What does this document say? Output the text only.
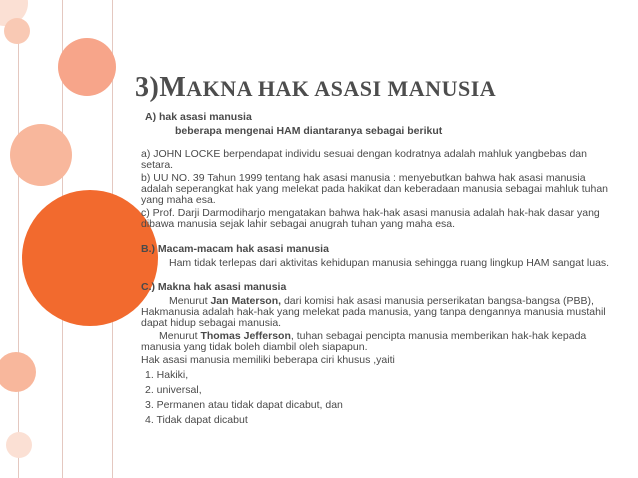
3)MAKNA HAK ASASI MANUSIA

A) hak asasi manusia

beberapa mengenai HAM diantaranya sebagai berikut

a) JOHN LOCKE berpendapat individu sesuai dengan kodratnya adalah mahluk yangbebas dan setara.

b) UU NO. 39 Tahun 1999 tentang hak asasi manusia : menyebutkan bahwa hak asasi manusia adalah seperangkat hak yang melekat pada hakikat dan keberadaan manusia sebagai mahluk tuhan yang maha esa.

c) Prof. Darji Darmodiharjo mengatakan bahwa hak-hak asasi manusia adalah hak-hak dasar yang dibawa manusia sejak lahir sebagai anugrah tuhan yang maha esa.

B.) Macam-macam hak asasi manusia

Ham tidak terlepas dari aktivitas kehidupan manusia sehingga ruang lingkup HAM sangat luas.

C.) Makna hak asasi manusia

Menurut Jan Materson, dari komisi hak asasi manusia perserikatan bangsa-bangsa (PBB), Hakmanusia adalah hak-hak yang melekat pada manusia, yang tanpa dengannya manusia mustahil dapat hidup sebagai manusia.

Menurut Thomas Jefferson, tuhan sebagai pencipta manusia memberikan hak-hak kepada manusia yang tidak boleh diambil oleh siapapun.

Hak asasi manusia memiliki beberapa ciri khusus ,yaiti

1. Hakiki,

2. universal,

3. Permanen atau tidak dapat dicabut, dan

4. Tidak dapat dicabut
